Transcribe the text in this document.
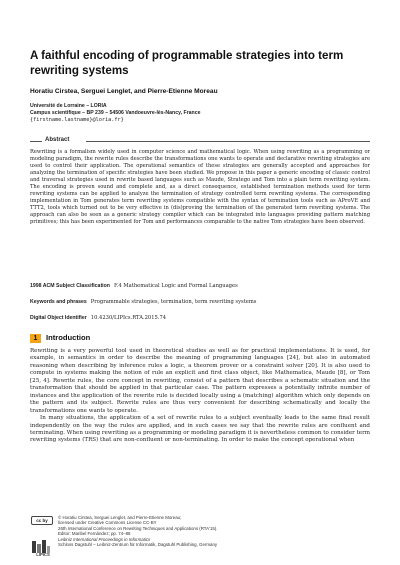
A faithful encoding of programmable strategies into term rewriting systems
Horatiu Cirstea, Serguei Lenglet, and Pierre-Etienne Moreau
Université de Lorraine – LORIA
Campus scientifique – BP 239 – 54506 Vandoeuvre-lès-Nancy, France
{firstname.lastname}@loria.fr}
Abstract
Rewriting is a formalism widely used in computer science and mathematical logic. When using rewriting as a programming or modeling paradigm, the rewrite rules describe the transformations one wants to operate and declarative rewriting strategies are used to control their application. The operational semantics of these strategies are generally accepted and approaches for analyzing the termination of specific strategies have been studied. We propose in this paper a generic encoding of classic control and traversal strategies used in rewrite based languages such as Maude, Stratego and Tom into a plain term rewriting system. The encoding is proven sound and complete and, as a direct consequence, established termination methods used for term rewriting systems can be applied to analyze the termination of strategy controlled term rewriting systems. The corresponding implementation in Tom generates term rewriting systems compatible with the syntax of termination tools such as AProVE and TTT2, tools which turned out to be very effective in (dis)proving the termination of the generated term rewriting systems. The approach can also be seen as a generic strategy compiler which can be integrated into languages providing pattern matching primitives; this has been experimented for Tom and performances comparable to the native Tom strategies have been observed.
1998 ACM Subject Classification F.4 Mathematical Logic and Formal Languages
Keywords and phrases Programmable strategies, termination, term rewriting systems
Digital Object Identifier 10.4230/LIPIcs.RTA.2015.74
1 Introduction

Rewriting is a very powerful tool used in theoretical studies as well as for practical implementations. It is used, for example, in semantics in order to describe the meaning of programming languages [24], but also in automated reasoning when describing by inference rules a logic, a theorem prover or a constraint solver [20]. It is also used to compute in systems making the notion of rule an explicit and first class object, like Mathematica, Maude [8], or Tom [25, 4]. Rewrite rules, the core concept in rewriting, consist of a pattern that describes a schematic situation and the transformation that should be applied in that particular case. The pattern expresses a potentially infinite number of instances and the application of the rewrite rule is decided locally using a (matching) algorithm which only depends on the pattern and its subject. Rewrite rules are thus very convenient for describing schematically and locally the transformations one wants to operate.

In many situations, the application of a set of rewrite rules to a subject eventually leads to the same final result independently on the way the rules are applied, and in such cases we say that the rewrite rules are confluent and terminating. When using rewriting as a programming or modeling paradigm it is nevertheless common to consider term rewriting systems (TRS) that are non-confluent or non-terminating. In order to make the concept operational when

cc by
LIPICS
© Horatiu Cirstea, Serguei Lenglet, and Pierre-Etienne Moreau;
licensed under Creative Commons License CC-BY
26th International Conference on Rewriting Techniques and Applications (RTA'15).
Editor: Maribel Fernández; pp. 74–88
Leibniz International Proceedings in Informatics
Schloss Dagstuhl – Leibniz-Zentrum für Informatik, Dagstuhl Publishing, Germany
